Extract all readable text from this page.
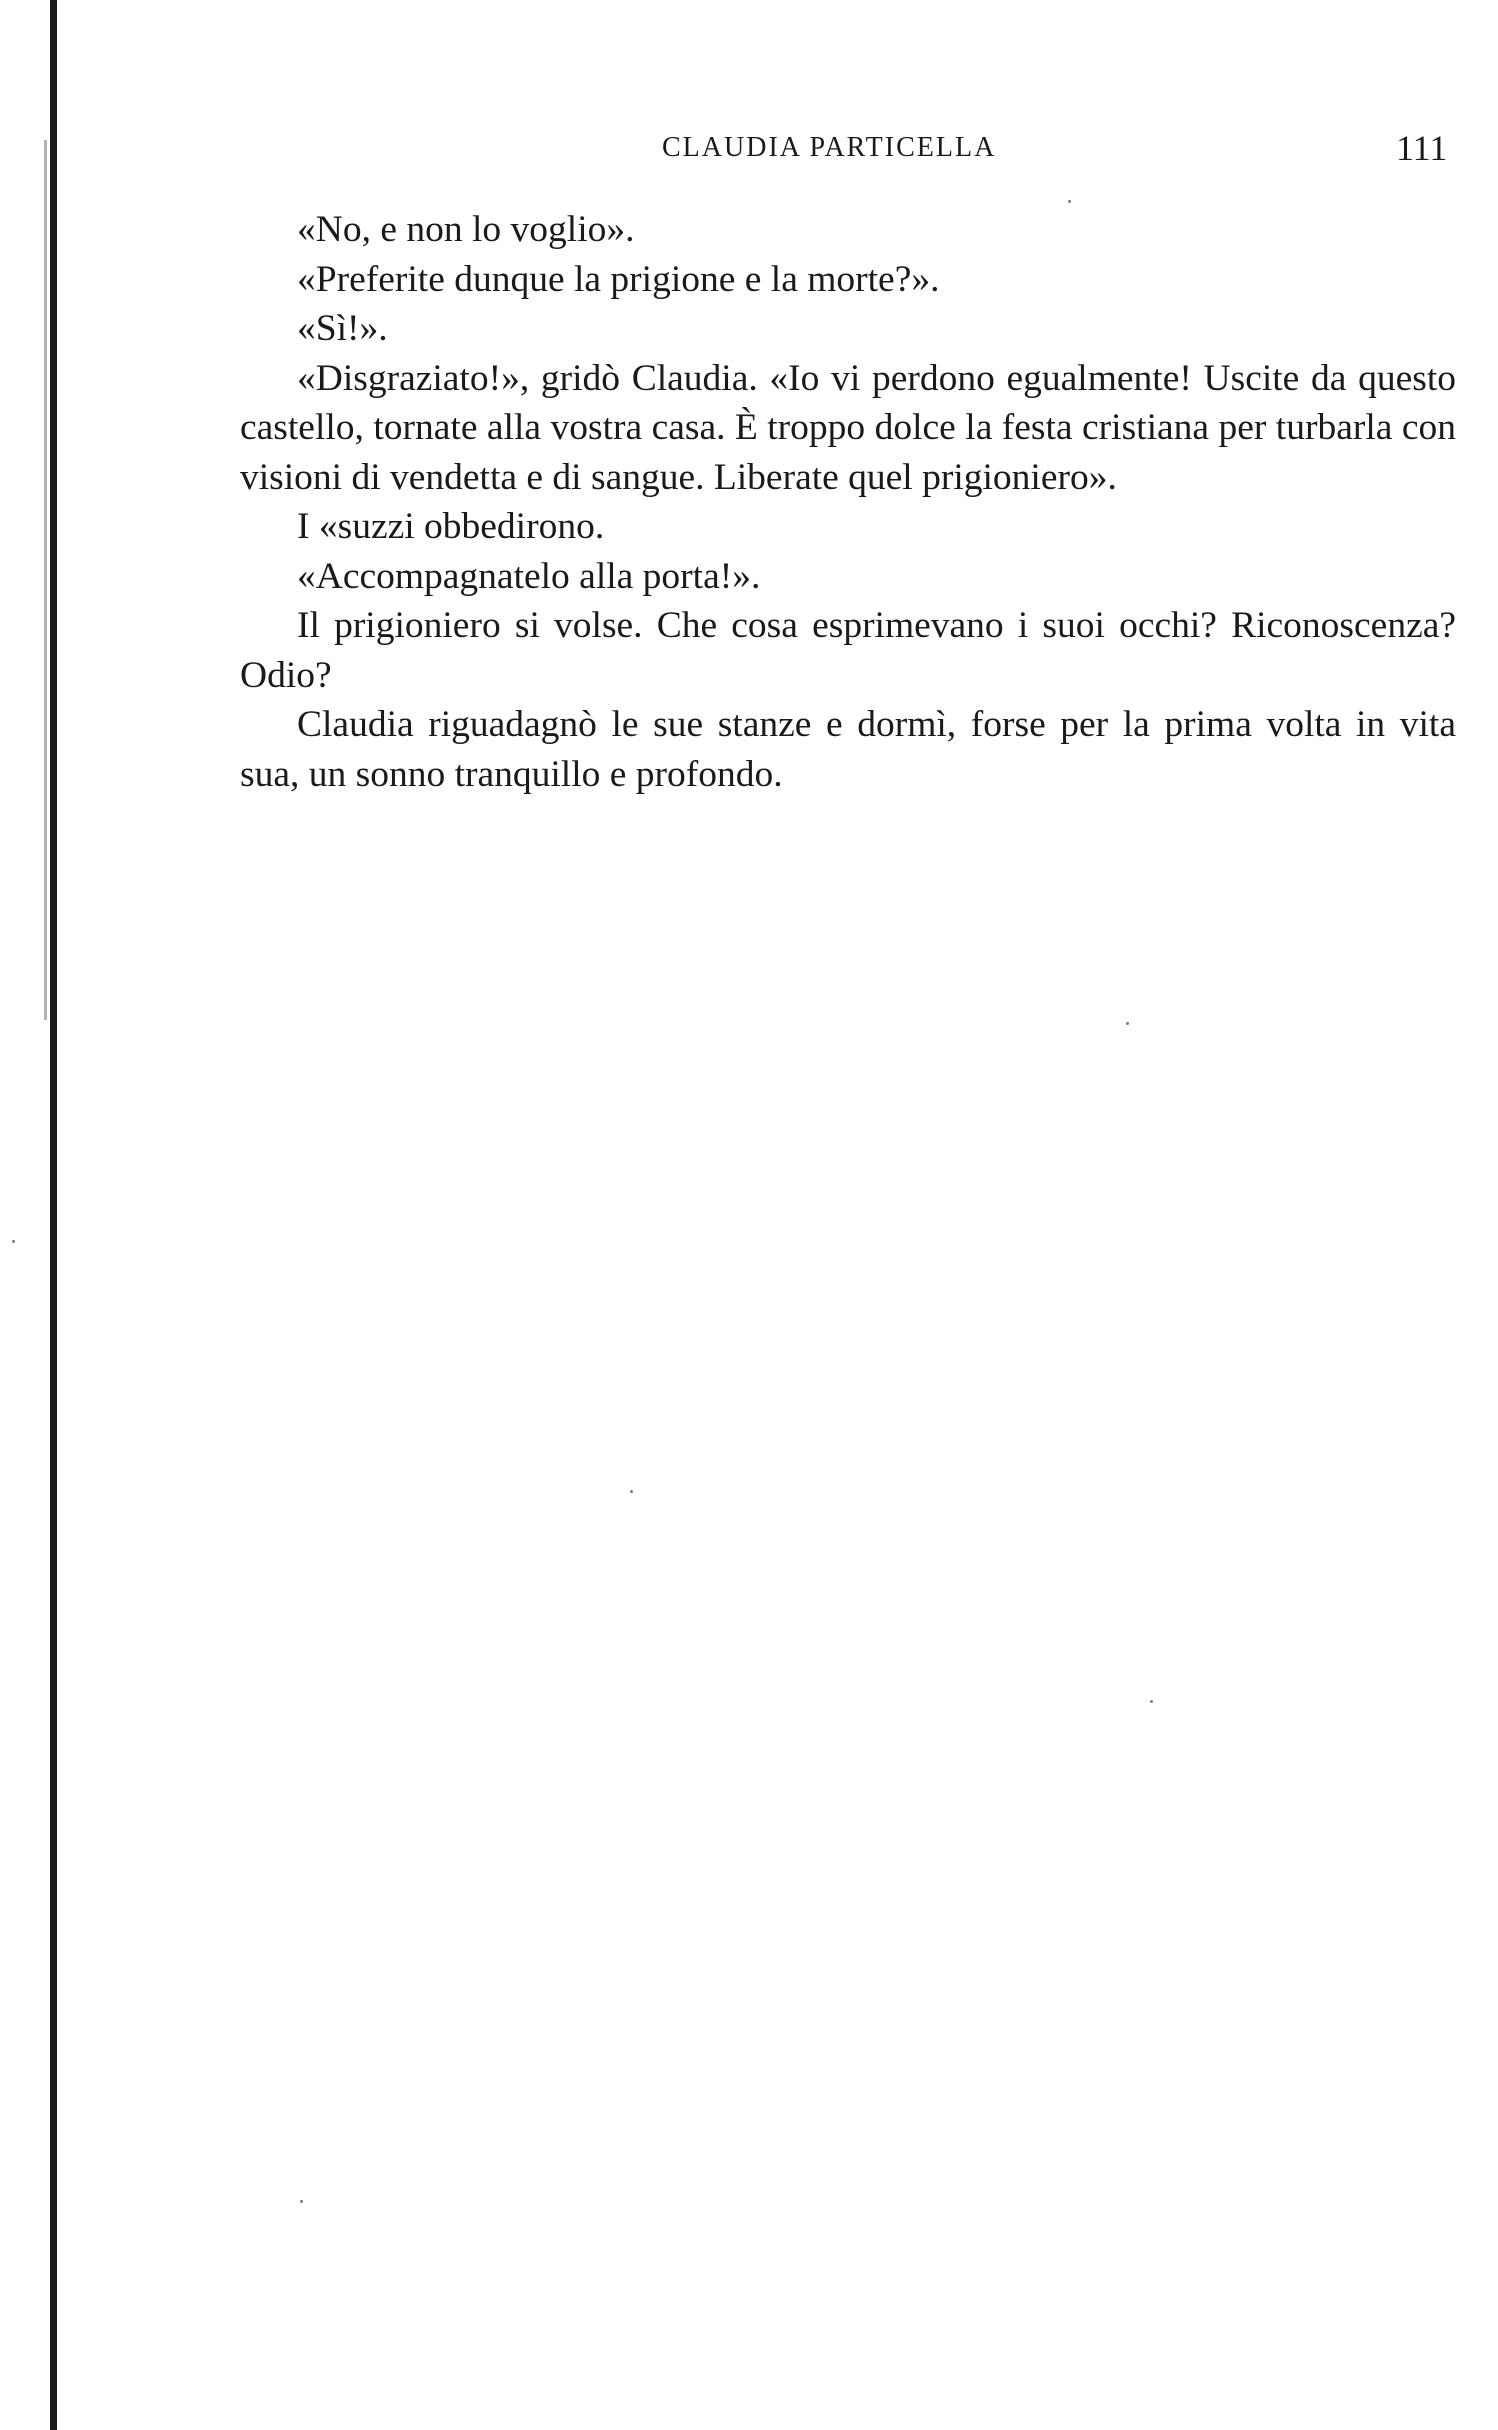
CLAUDIA PARTICELLA	111

«No, e non lo voglio».

«Preferite dunque la prigione e la morte?».

«Sì!».

«Disgraziato!», gridò Claudia. «Io vi perdono egualmente! Uscite da questo castello, tornate alla vostra casa. È troppo dolce la festa cristiana per turbarla con visioni di vendetta e di sangue. Liberate quel prigioniero».

I «suzzi obbedirono.

«Accompagnatelo alla porta!».

Il prigioniero si volse. Che cosa esprimevano i suoi occhi? Riconoscenza? Odio?

Claudia riguadagnò le sue stanze e dormì, forse per la prima volta in vita sua, un sonno tranquillo e profondo.
